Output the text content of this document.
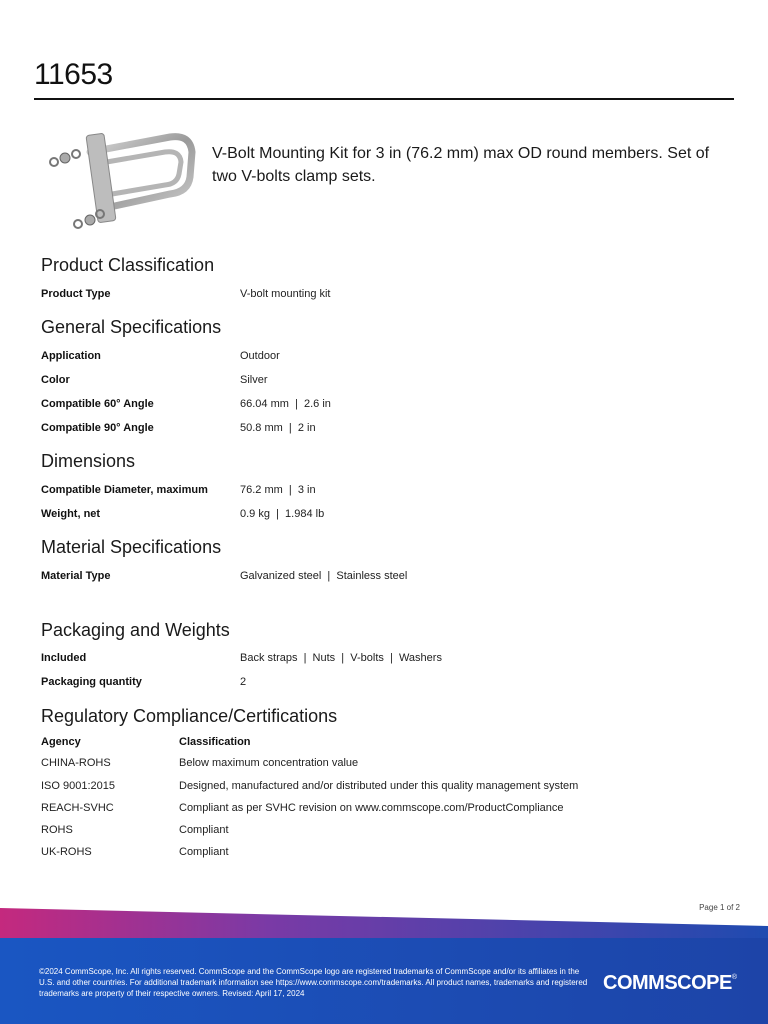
11653
V-Bolt Mounting Kit for 3 in (76.2 mm) max OD round members. Set of two V-bolts clamp sets.
Product Classification
Product Type	V-bolt mounting kit
General Specifications
Application	Outdoor
Color	Silver
Compatible 60° Angle	66.04 mm  |  2.6 in
Compatible 90° Angle	50.8 mm  |  2 in
Dimensions
Compatible Diameter, maximum	76.2 mm  |  3 in
Weight, net	0.9 kg  |  1.984 lb
Material Specifications
Material Type	Galvanized steel  |  Stainless steel
Packaging and Weights
Included	Back straps  |  Nuts  |  V-bolts  |  Washers
Packaging quantity	2
Regulatory Compliance/Certifications
Agency	Classification
CHINA-ROHS	Below maximum concentration value
ISO 9001:2015	Designed, manufactured and/or distributed under this quality management system
REACH-SVHC	Compliant as per SVHC revision on www.commscope.com/ProductCompliance
ROHS	Compliant
UK-ROHS	Compliant
Page 1 of 2
©2024 CommScope, Inc. All rights reserved. CommScope and the CommScope logo are registered trademarks of CommScope and/or its affiliates in the U.S. and other countries. For additional trademark information see https://www.commscope.com/trademarks. All product names, trademarks and registered trademarks are property of their respective owners. Revised: April 17, 2024	COMMSCOPE®
